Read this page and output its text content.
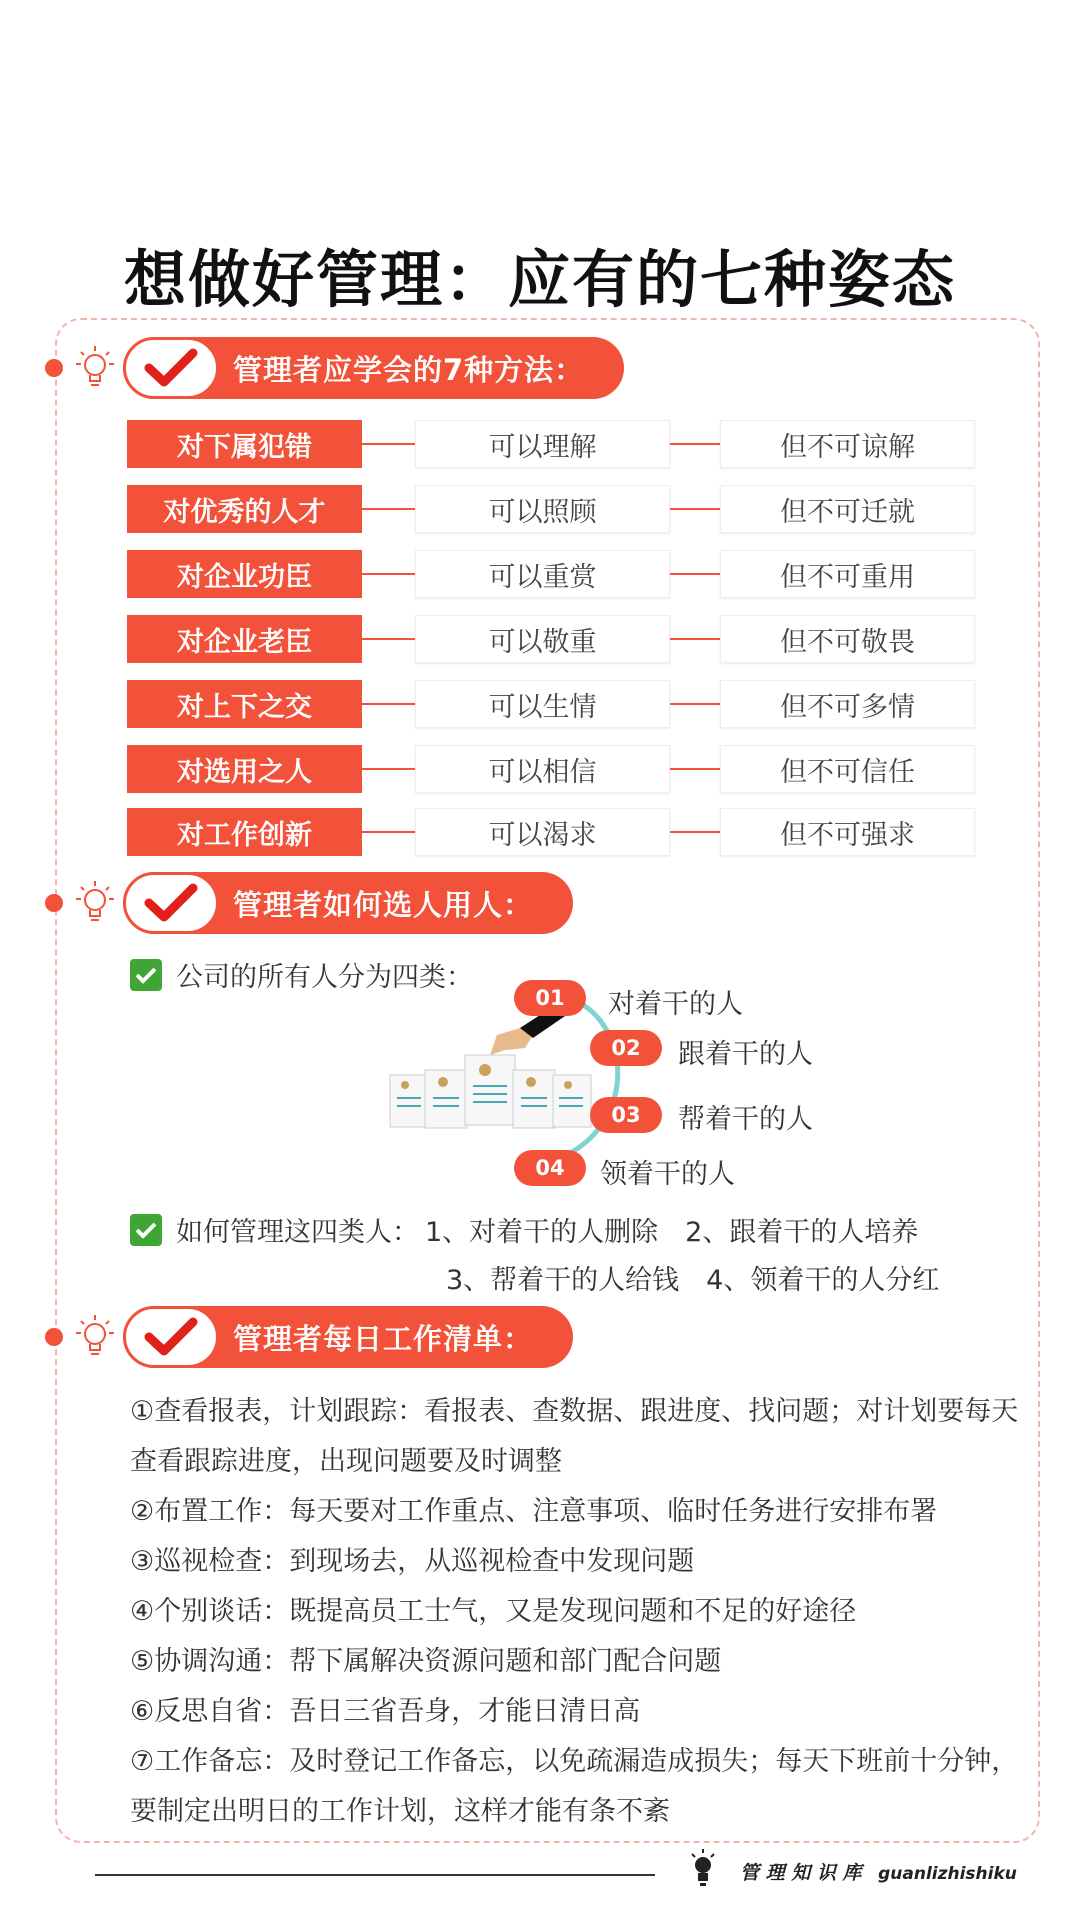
想做好管理：应有的七种姿态
管理者应学会的7种方法：
对下属犯错	可以理解	但不可谅解
对优秀的人才	可以照顾	但不可迁就
对企业功臣	可以重赏	但不可重用
对企业老臣	可以敬重	但不可敬畏
对上下之交	可以生情	但不可多情
对选用之人	可以相信	但不可信任
对工作创新	可以渴求	但不可强求
管理者如何选人用人：
公司的所有人分为四类：
01	对着干的人
02	跟着干的人
03	帮着干的人
04	领着干的人
如何管理这四类人： 1、对着干的人删除　2、跟着干的人培养
3、帮着干的人给钱　4、领着干的人分红
管理者每日工作清单：

①查看报表，计划跟踪：看报表、查数据、跟进度、找问题；对计划要每天查看跟踪进度，出现问题要及时调整

②布置工作：每天要对工作重点、注意事项、临时任务进行安排布署

③巡视检查：到现场去，从巡视检查中发现问题

④个别谈话：既提高员工士气，又是发现问题和不足的好途径

⑤协调沟通：帮下属解决资源问题和部门配合问题

⑥反思自省：吾日三省吾身，才能日清日高

⑦工作备忘：及时登记工作备忘，以免疏漏造成损失；每天下班前十分钟，要制定出明日的工作计划，这样才能有条不紊

管 理 知 识 库 guanlizhishiku
